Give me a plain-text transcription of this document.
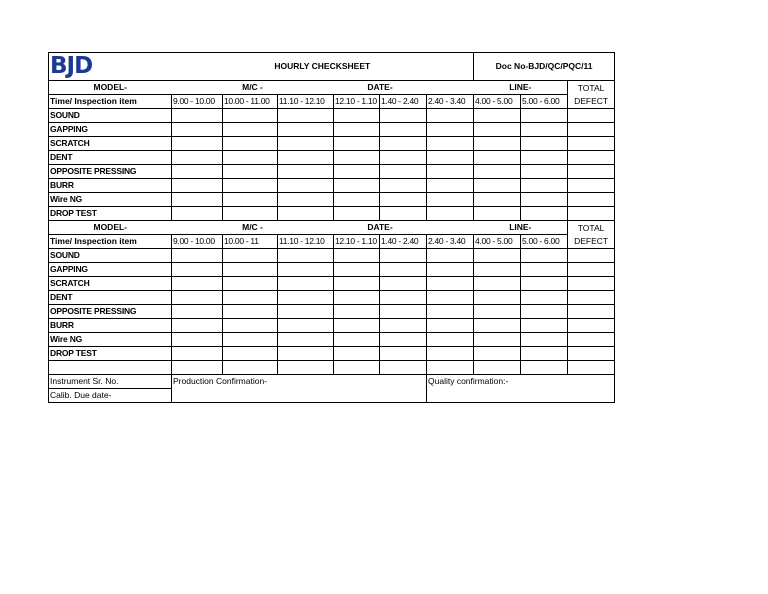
BJD	HOURLY CHECKSHEET						Doc No-BJD/QC/PQC/11		
MODEL-	M/C -			DATE-			LINE-		TOTAL
DEFECT

Time/ Inspection item	9.00 - 10.00	10.00 - 11.00	11.10 - 12.10	12.10 - 1.10	1.40 - 2.40	2.40 - 3.40	4.00 - 5.00	5.00 - 6.00	
SOUND									
GAPPING									
SCRATCH									
DENT									
OPPOSITE PRESSING									
BURR									
Wire NG									
DROP TEST									
MODEL-	M/C -			DATE-			LINE-		TOTAL
DEFECT

Time/ Inspection item	9.00 - 10.00	10.00 - 11	11.10 - 12.10	12.10 - 1.10	1.40 - 2.40	2.40 - 3.40	4.00 - 5.00	5.00 - 6.00	
SOUND									
GAPPING									
SCRATCH									
DENT									
OPPOSITE PRESSING									
BURR									
Wire NG									
DROP TEST									

Instrument Sr. No.	Production Confirmation-					Quality confirmation:-			
Calib. Due date-									
